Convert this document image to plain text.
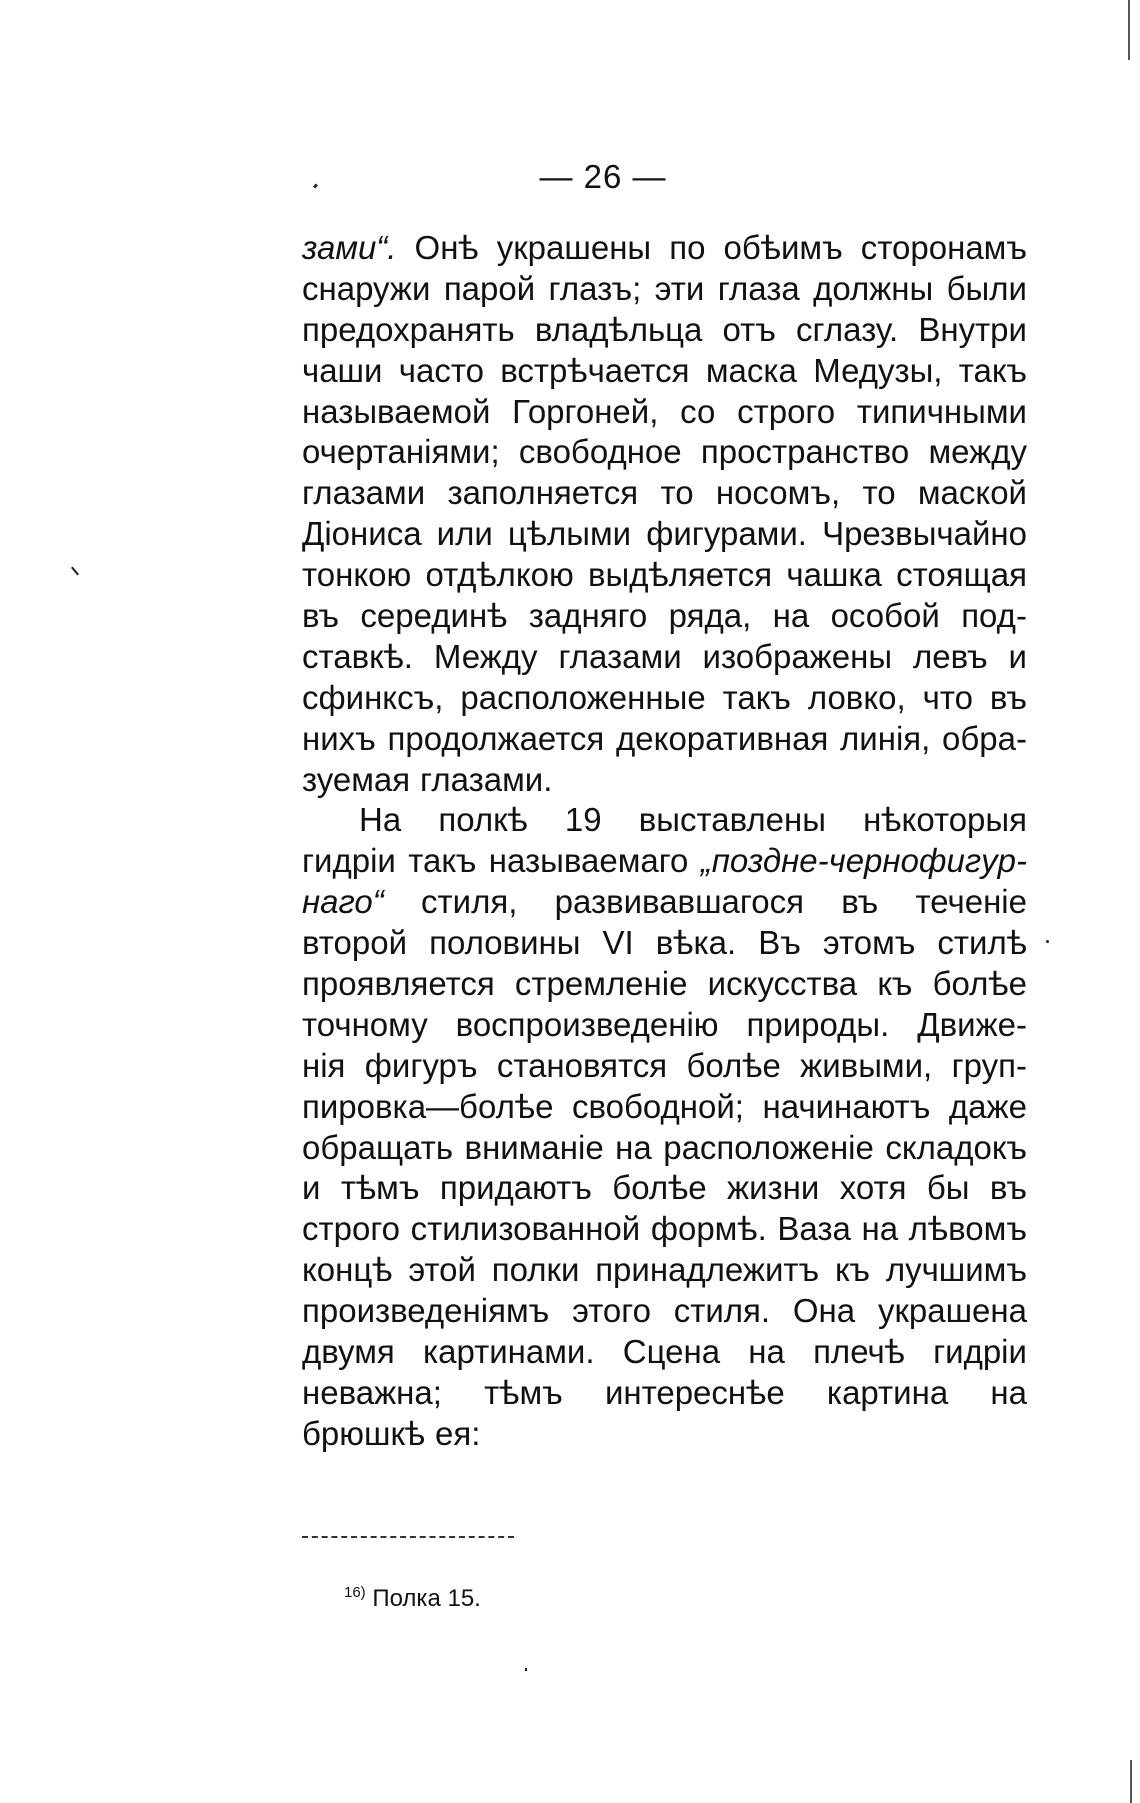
— 26 —
зами“. Онѣ украшены по обѣимъ сторонамъ
снаружи парой глазъ; эти глаза должны были
предохранять владѣльца отъ сглазу. Внутри
чаши часто встрѣчается маска Медузы, такъ
называемой Горгоней, со строго типичными
очертаніями; свободное пространство между
глазами заполняется то носомъ, то маской
Діониса или цѣлыми фигурами. Чрезвычайно
тонкою отдѣлкою выдѣляется чашка стоящая
въ серединѣ задняго ряда, на особой под-
ставкѣ. Между глазами изображены левъ и
сфинксъ, расположенные такъ ловко, что въ
нихъ продолжается декоративная линія, обра-
зуемая глазами.
На полкѣ 19 выставлены нѣкоторыя
гидріи такъ называемаго „поздне-чернофигур-
наго“ стиля, развивавшагося въ теченіе
второй половины VI вѣка. Въ этомъ стилѣ
проявляется стремленіе искусства къ болѣе
точному воспроизведенію природы. Движе-
нія фигуръ становятся болѣе живыми, груп-
пировка—болѣе свободной; начинаютъ даже
обращать вниманіе на расположеніе складокъ
и тѣмъ придаютъ болѣе жизни хотя бы въ
строго стилизованной формѣ. Ваза на лѣвомъ
концѣ этой полки принадлежитъ къ лучшимъ
произведеніямъ этого стиля. Она украшена
двумя картинами. Сцена на плечѣ гидріи
неважна; тѣмъ интереснѣе картина на
брюшкѣ ея:
$^{16)}$ Полка 15.
